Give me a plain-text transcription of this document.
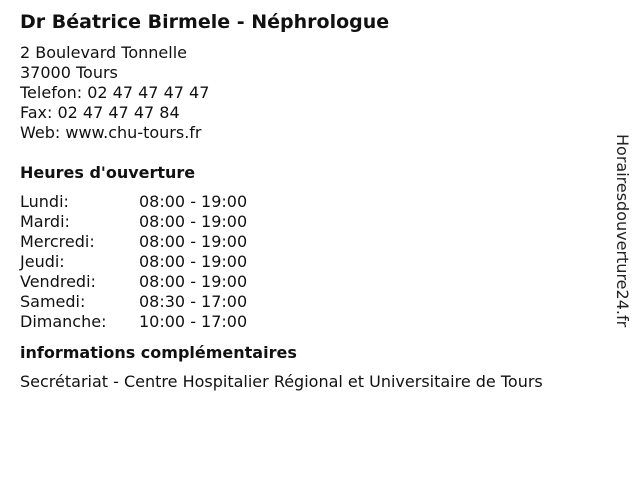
Dr Béatrice Birmele - Néphrologue
2 Boulevard Tonnelle
37000 Tours
Telefon: 02 47 47 47 47
Fax: 02 47 47 47 84
Web: www.chu-tours.fr
Heures d'ouverture
Lundi:	08:00 - 19:00
Mardi:	08:00 - 19:00
Mercredi:	08:00 - 19:00
Jeudi:	08:00 - 19:00
Vendredi:	08:00 - 19:00
Samedi:	08:30 - 17:00
Dimanche:	10:00 - 17:00
informations complémentaires
Secrétariat - Centre Hospitalier Régional et Universitaire de Tours
Horairesdouverture24.fr
